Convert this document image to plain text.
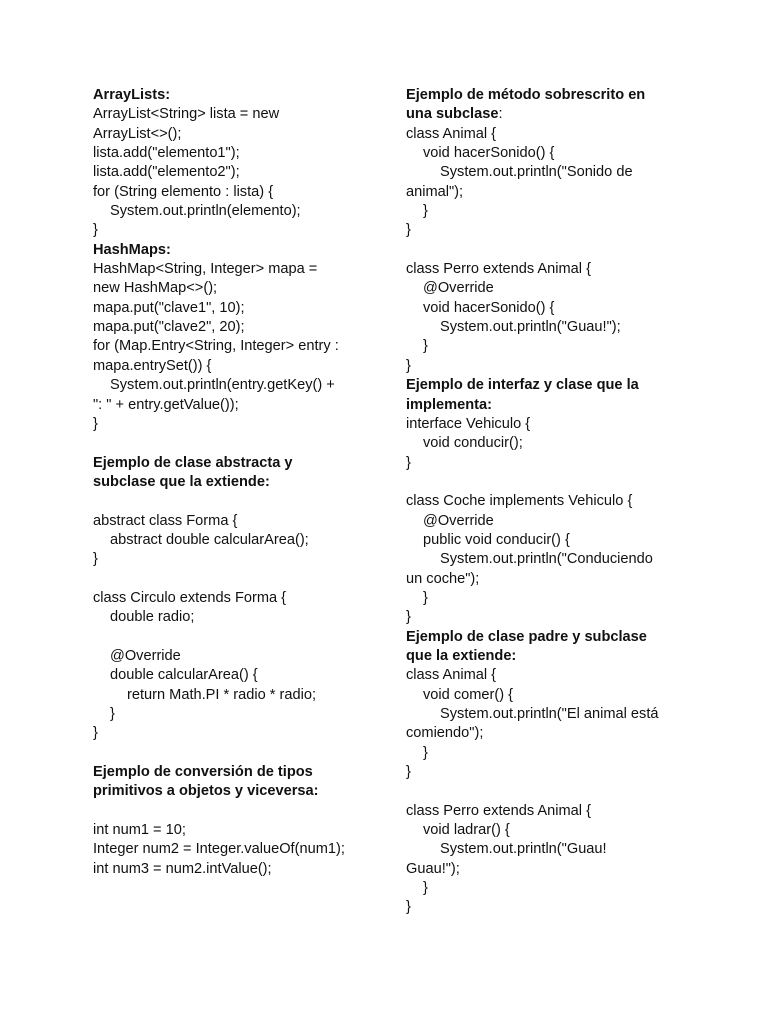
ArrayLists:
ArrayList<String> lista = new
ArrayList<>();
lista.add("elemento1");
lista.add("elemento2");
for (String elemento : lista) {
System.out.println(elemento);
}
HashMaps:
HashMap<String, Integer> mapa =
new HashMap<>();
mapa.put("clave1", 10);
mapa.put("clave2", 20);
for (Map.Entry<String, Integer> entry :
mapa.entrySet()) {
System.out.println(entry.getKey() +
": " + entry.getValue());
}
Ejemplo de clase abstracta y
subclase que la extiende:
abstract class Forma {
abstract double calcularArea();
}
class Circulo extends Forma {
double radio;
@Override
double calcularArea() {
return Math.PI * radio * radio;
}
}
Ejemplo de conversión de tipos
primitivos a objetos y viceversa:
int num1 = 10;
Integer num2 = Integer.valueOf(num1);
int num3 = num2.intValue();
Ejemplo de método sobrescrito en
una subclase:
class Animal {
void hacerSonido() {
System.out.println("Sonido de
animal");
}
}
class Perro extends Animal {
@Override
void hacerSonido() {
System.out.println("Guau!");
}
}
Ejemplo de interfaz y clase que la
implementa:
interface Vehiculo {
void conducir();
}
class Coche implements Vehiculo {
@Override
public void conducir() {
System.out.println("Conduciendo
un coche");
}
}
Ejemplo de clase padre y subclase
que la extiende:
class Animal {
void comer() {
System.out.println("El animal está
comiendo");
}
}
class Perro extends Animal {
void ladrar() {
System.out.println("Guau!
Guau!");
}
}
